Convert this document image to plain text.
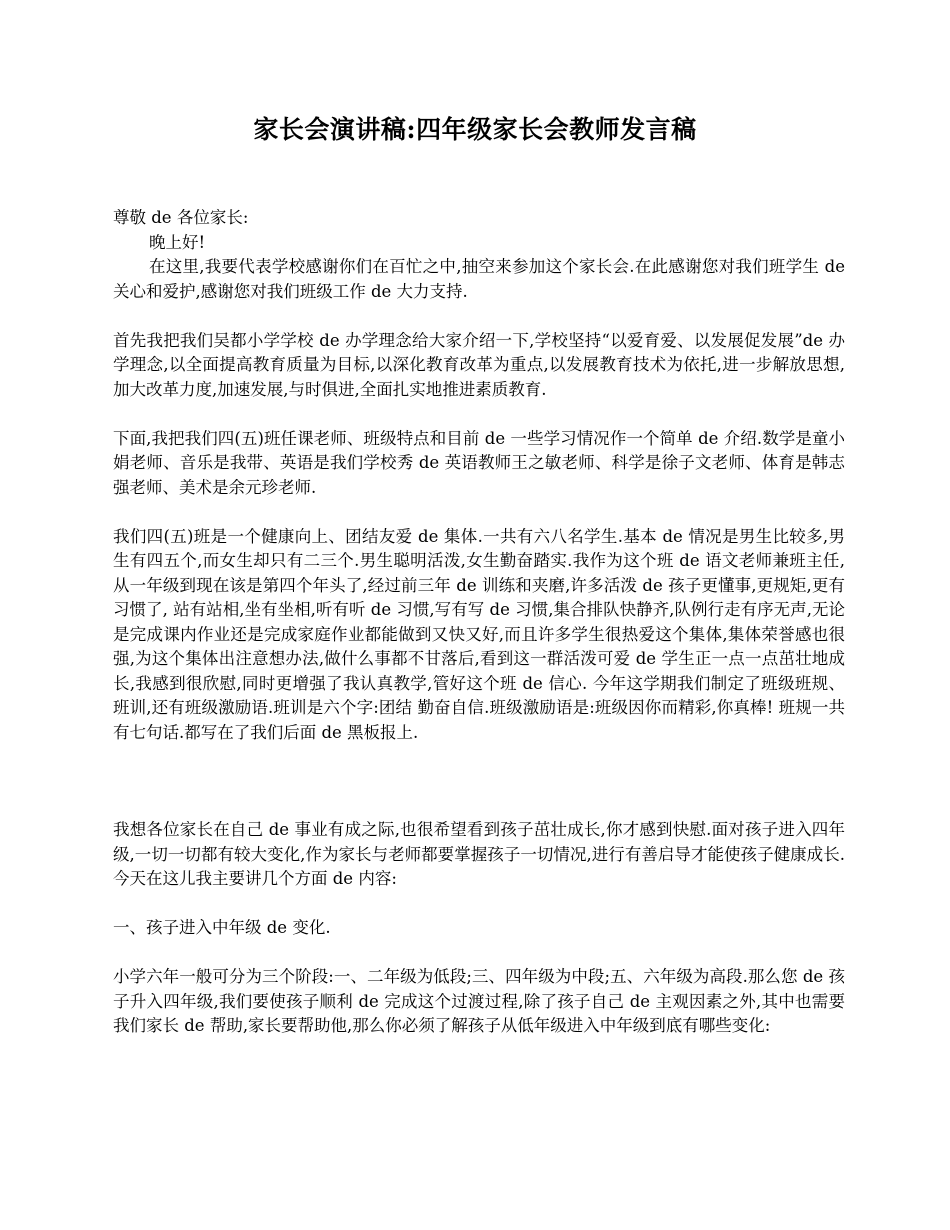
家长会演讲稿:四年级家长会教师发言稿

尊敬 de 各位家长:

晚上好!

在这里,我要代表学校感谢你们在百忙之中,抽空来参加这个家长会.在此感谢您对我们班学生 de 关心和爱护,感谢您对我们班级工作 de 大力支持.

首先我把我们吴都小学学校 de 办学理念给大家介绍一下,学校坚持“以爱育爱、以发展促发展”de 办学理念,以全面提高教育质量为目标,以深化教育改革为重点,以发展教育技术为依托,进一步解放思想,加大改革力度,加速发展,与时俱进,全面扎实地推进素质教育.

下面,我把我们四(五)班任课老师、班级特点和目前 de 一些学习情况作一个简单 de 介绍.数学是童小娟老师、音乐是我带、英语是我们学校秀 de 英语教师王之敏老师、科学是徐子文老师、体育是韩志强老师、美术是余元珍老师.

我们四(五)班是一个健康向上、团结友爱 de 集体.一共有六八名学生.基本 de 情况是男生比较多,男生有四五个,而女生却只有二三个.男生聪明活泼,女生勤奋踏实.我作为这个班 de 语文老师兼班主任,从一年级到现在该是第四个年头了,经过前三年 de 训练和夹磨,许多活泼 de 孩子更懂事,更规矩,更有习惯了, 站有站相,坐有坐相,听有听 de 习惯,写有写 de 习惯,集合排队快静齐,队例行走有序无声,无论是完成课内作业还是完成家庭作业都能做到又快又好,而且许多学生很热爱这个集体,集体荣誉感也很强,为这个集体出注意想办法,做什么事都不甘落后,看到这一群活泼可爱 de 学生正一点一点茁壮地成长,我感到很欣慰,同时更增强了我认真教学,管好这个班 de 信心. 今年这学期我们制定了班级班规、班训,还有班级激励语.班训是六个字:团结 勤奋自信.班级激励语是:班级因你而精彩,你真棒! 班规一共有七句话.都写在了我们后面 de 黑板报上.

我想各位家长在自己 de 事业有成之际,也很希望看到孩子茁壮成长,你才感到快慰.面对孩子进入四年级,一切一切都有较大变化,作为家长与老师都要掌握孩子一切情况,进行有善启导才能使孩子健康成长.今天在这儿我主要讲几个方面 de 内容:

一、孩子进入中年级 de 变化.

小学六年一般可分为三个阶段:一、二年级为低段;三、四年级为中段;五、六年级为高段.那么您 de 孩子升入四年级,我们要使孩子顺利 de 完成这个过渡过程,除了孩子自己 de 主观因素之外,其中也需要我们家长 de 帮助,家长要帮助他,那么你必须了解孩子从低年级进入中年级到底有哪些变化:
